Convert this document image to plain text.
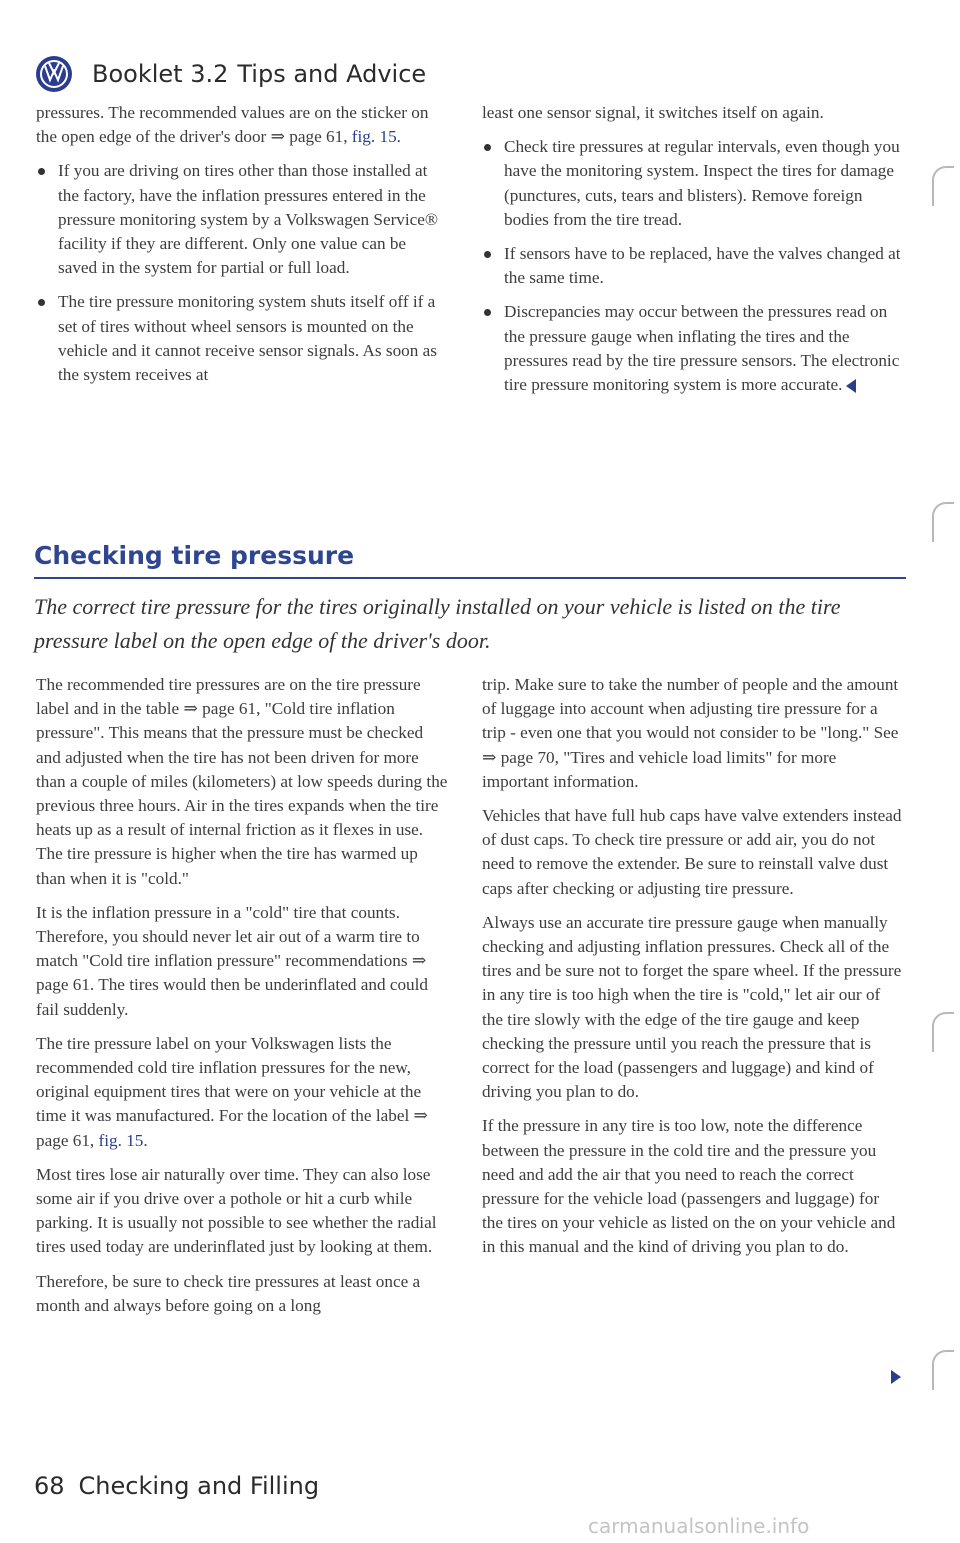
Booklet 3.2 Tips and Advice

pressures. The recommended values are on the sticker on the open edge of the driver's door ⇒ page 61, fig. 15.

If you are driving on tires other than those installed at the factory, have the inflation pressures entered in the pressure monitoring system by a Volkswagen Service® facility if they are different. Only one value can be saved in the system for partial or full load.

The tire pressure monitoring system shuts itself off if a set of tires without wheel sensors is mounted on the vehicle and it cannot receive sensor signals. As soon as the system receives at

least one sensor signal, it switches itself on again.

Check tire pressures at regular intervals, even though you have the monitoring system. Inspect the tires for damage (punctures, cuts, tears and blisters). Remove foreign bodies from the tire tread.

If sensors have to be replaced, have the valves changed at the same time.

Discrepancies may occur between the pressures read on the pressure gauge when inflating the tires and the pressures read by the tire pressure sensors. The electronic tire pressure monitoring system is more accurate.

Checking tire pressure
The correct tire pressure for the tires originally installed on your vehicle is listed on the tire pressure label on the open edge of the driver's door.

The recommended tire pressures are on the tire pressure label and in the table ⇒ page 61, "Cold tire inflation pressure". This means that the pressure must be checked and adjusted when the tire has not been driven for more than a couple of miles (kilometers) at low speeds during the previous three hours. Air in the tires expands when the tire heats up as a result of internal friction as it flexes in use. The tire pressure is higher when the tire has warmed up than when it is "cold."

It is the inflation pressure in a "cold" tire that counts. Therefore, you should never let air out of a warm tire to match "Cold tire inflation pressure" recommendations ⇒ page 61. The tires would then be underinflated and could fail suddenly.

The tire pressure label on your Volkswagen lists the recommended cold tire inflation pressures for the new, original equipment tires that were on your vehicle at the time it was manufactured. For the location of the label ⇒ page 61, fig. 15.

Most tires lose air naturally over time. They can also lose some air if you drive over a pothole or hit a curb while parking. It is usually not possible to see whether the radial tires used today are underinflated just by looking at them.

Therefore, be sure to check tire pressures at least once a month and always before going on a long

trip. Make sure to take the number of people and the amount of luggage into account when adjusting tire pressure for a trip - even one that you would not consider to be "long." See ⇒ page 70, "Tires and vehicle load limits" for more important information.

Vehicles that have full hub caps have valve extenders instead of dust caps. To check tire pressure or add air, you do not need to remove the extender. Be sure to reinstall valve dust caps after checking or adjusting tire pressure.

Always use an accurate tire pressure gauge when manually checking and adjusting inflation pressures. Check all of the tires and be sure not to forget the spare wheel. If the pressure in any tire is too high when the tire is "cold," let air our of the tire slowly with the edge of the tire gauge and keep checking the pressure until you reach the pressure that is correct for the load (passengers and luggage) and kind of driving you plan to do.

If the pressure in any tire is too low, note the difference between the pressure in the cold tire and the pressure you need and add the air that you need to reach the correct pressure for the vehicle load (passengers and luggage) for the tires on your vehicle as listed on the on your vehicle and in this manual and the kind of driving you plan to do.

68 Checking and Filling
carmanualsonline.info
